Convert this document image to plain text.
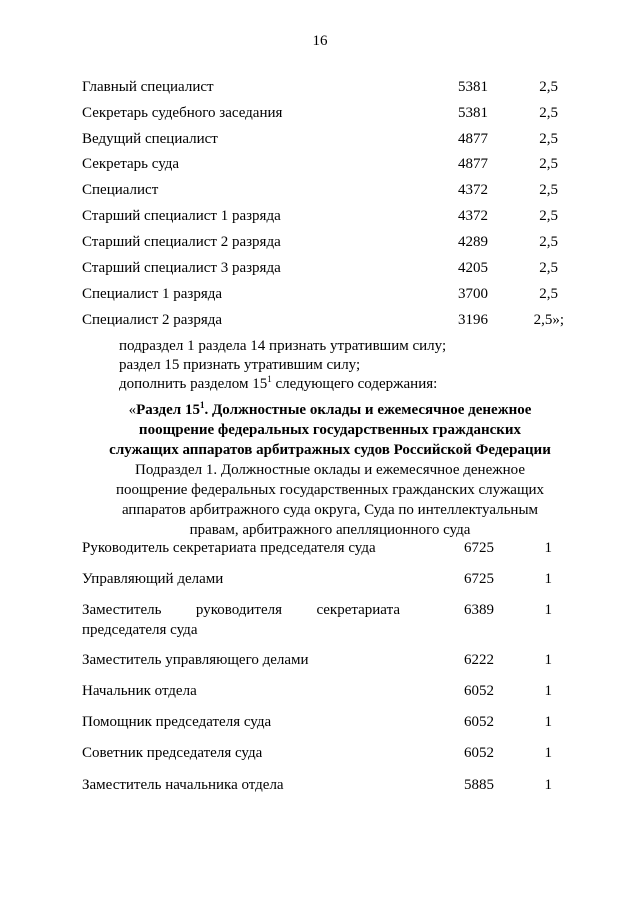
16
Главный специалист	5381	2,5
Секретарь судебного заседания	5381	2,5
Ведущий специалист	4877	2,5
Секретарь суда	4877	2,5
Специалист	4372	2,5
Старший специалист 1 разряда	4372	2,5
Старший специалист 2 разряда	4289	2,5
Старший специалист 3 разряда	4205	2,5
Специалист 1 разряда	3700	2,5
Специалист 2 разряда	3196	2,5»;
подраздел 1 раздела 14 признать утратившим силу;
раздел 15 признать утратившим силу;
дополнить разделом $15^1$ следующего содержания:
«Раздел $15^1$. Должностные оклады и ежемесячное денежное
поощрение федеральных государственных гражданских
служащих аппаратов арбитражных судов Российской Федерации
Подраздел 1. Должностные оклады и ежемесячное денежное
поощрение федеральных государственных гражданских служащих
аппаратов арбитражного суда округа, Суда по интеллектуальным
правам, арбитражного апелляционного суда
Руководитель секретариата председателя суда	6725	1
Управляющий делами	6725	1
Заместитель руководителя секретариата
председателя суда
6389	1
Заместитель управляющего делами	6222	1
Начальник отдела	6052	1
Помощник председателя суда	6052	1
Советник председателя суда	6052	1
Заместитель начальника отдела	5885	1
